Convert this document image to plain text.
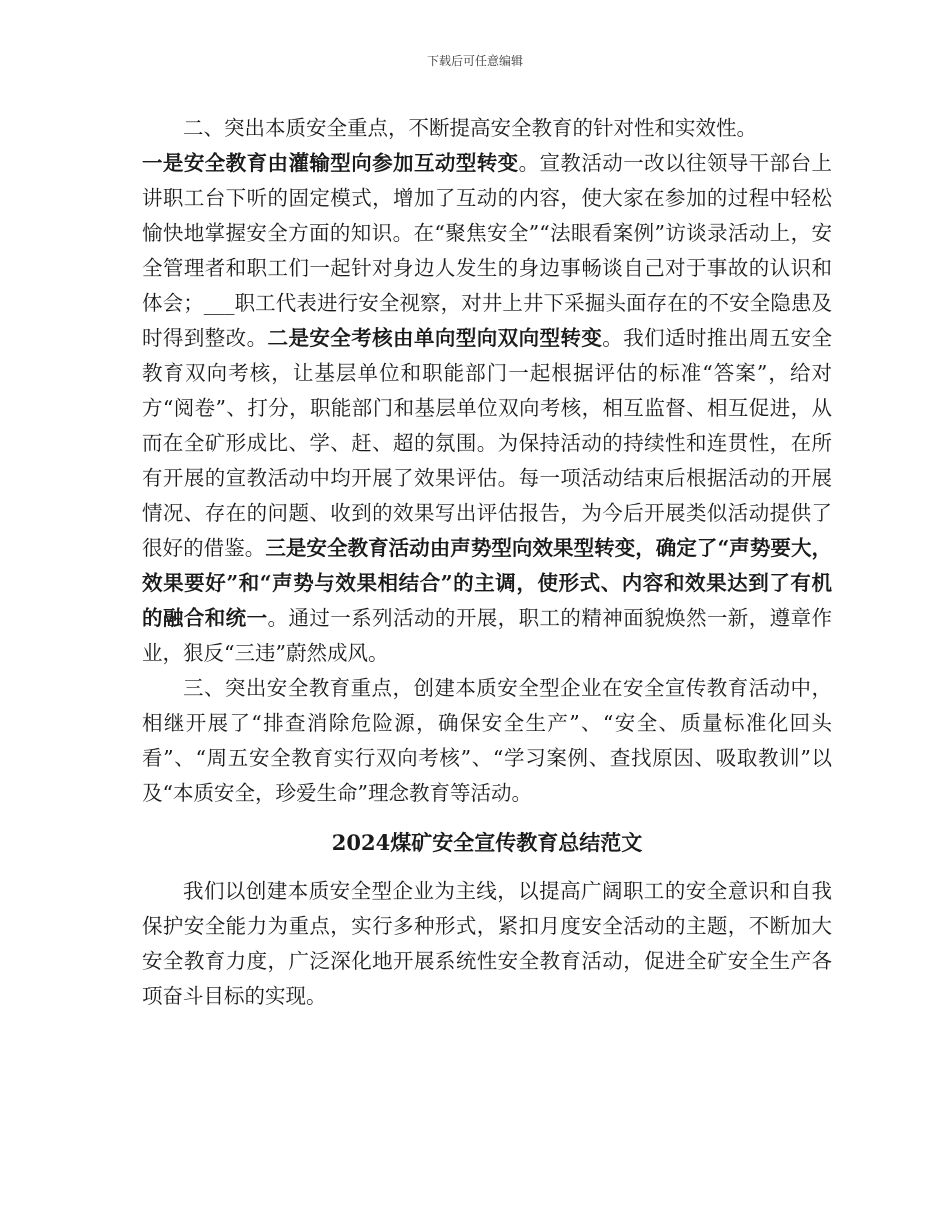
下载后可任意编辑

二、突出本质安全重点，不断提高安全教育的针对性和实效性。

一是安全教育由灌输型向参加互动型转变。宣教活动一改以往领导干部台上讲职工台下听的固定模式，增加了互动的内容，使大家在参加的过程中轻松愉快地掌握安全方面的知识。在“聚焦安全”“法眼看案例”访谈录活动上，安全管理者和职工们一起针对身边人发生的身边事畅谈自己对于事故的认识和体会；___职工代表进行安全视察，对井上井下采掘头面存在的不安全隐患及时得到整改。二是安全考核由单向型向双向型转变。我们适时推出周五安全教育双向考核，让基层单位和职能部门一起根据评估的标准“答案”，给对方“阅卷”、打分，职能部门和基层单位双向考核，相互监督、相互促进，从而在全矿形成比、学、赶、超的氛围。为保持活动的持续性和连贯性，在所有开展的宣教活动中均开展了效果评估。每一项活动结束后根据活动的开展情况、存在的问题、收到的效果写出评估报告，为今后开展类似活动提供了很好的借鉴。三是安全教育活动由声势型向效果型转变，确定了“声势要大，效果要好”和“声势与效果相结合”的主调，使形式、内容和效果达到了有机的融合和统一。通过一系列活动的开展，职工的精神面貌焕然一新，遵章作业，狠反“三违”蔚然成风。

三、突出安全教育重点，创建本质安全型企业在安全宣传教育活动中，相继开展了“排查消除危险源，确保安全生产”、“安全、质量标准化回头看”、“周五安全教育实行双向考核”、“学习案例、查找原因、吸取教训”以及“本质安全，珍爱生命”理念教育等活动。

2024煤矿安全宣传教育总结范文

我们以创建本质安全型企业为主线，以提高广阔职工的安全意识和自我保护安全能力为重点，实行多种形式，紧扣月度安全活动的主题，不断加大安全教育力度，广泛深化地开展系统性安全教育活动，促进全矿安全生产各项奋斗目标的实现。
